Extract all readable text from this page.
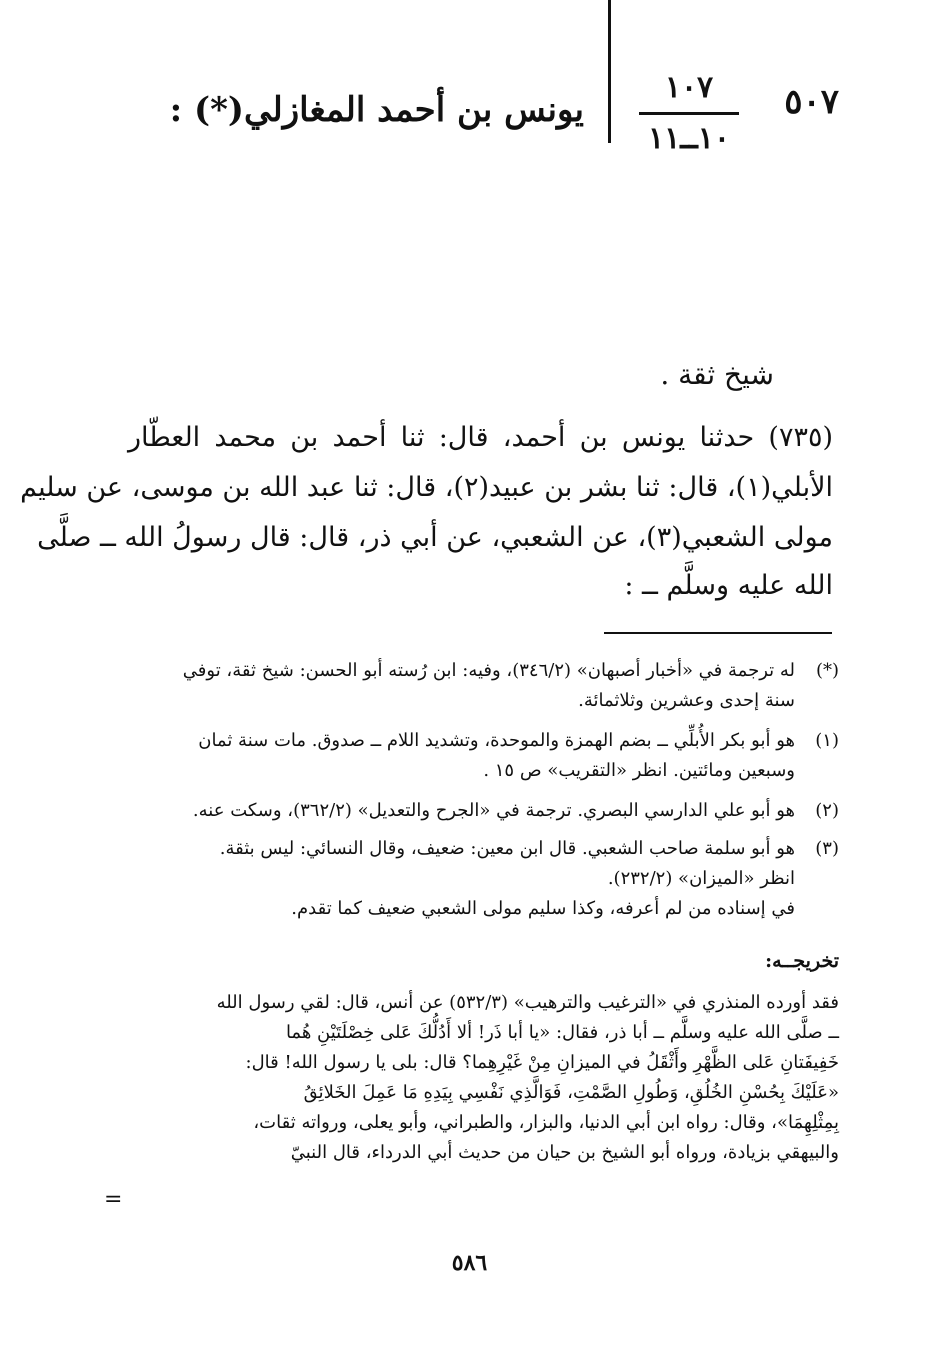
٥٠٧
١٠٧
١٠ــ١١
يونس بن أحمد المغازلي(*) :
شيخ ثقة .
(٧٣٥) حدثنا يونس بن أحمد، قال: ثنا أحمد بن محمد العطّار
الأبلي(١)، قال: ثنا بشر بن عبيد(٢)، قال: ثنا عبد الله بن موسى، عن سليم
مولى الشعبي(٣)، عن الشعبي، عن أبي ذر، قال: قال رسولُ الله ــ صلَّى
الله عليه وسلَّم ــ :
(*)
له ترجمة في «أخبار أصبهان» (٣٤٦/٢)، وفيه: ابن رُسته أبو الحسن: شيخ ثقة، توفي
سنة إحدى وعشرين وثلاثمائة.
(١)
هو أبو بكر الأُبلِّي ــ بضم الهمزة والموحدة، وتشديد اللام ــ صدوق. مات سنة ثمان
وسبعين ومائتين. انظر «التقريب» ص ١٥ .
(٢)
هو أبو علي الدارسي البصري. ترجمة في «الجرح والتعديل» (٣٦٢/٢)، وسكت عنه.
(٣)
هو أبو سلمة صاحب الشعبي. قال ابن معين: ضعيف، وقال النسائي: ليس بثقة.
انظر «الميزان» (٢٣٢/٢).
في إسناده من لم أعرفه، وكذا سليم مولى الشعبي ضعيف كما تقدم.
تخريجــه:
فقد أورده المنذري في «الترغيب والترهيب» (٥٣٢/٣) عن أنس، قال: لقي رسول الله
ــ صلَّى الله عليه وسلَّم ــ أبا ذر، فقال: «يا أبا ذَر! ألا أَدُلُّكَ عَلى خِصْلَتَيْنِ هُما
خَفِيفَتانِ عَلى الظَّهْرِ وأَثْقَلُ في الميزانِ مِنْ غَيْرِهِما؟ قال: بلى يا رسول الله! قال:
«عَلَيْكَ بِحُسْنِ الخُلُقِ، وَطُولِ الصَّمْتِ، فَوَالَّذِي نَفْسِي بِيَدِهِ مَا عَمِلَ الخَلائِقُ
بِمِثْلِهِمَا»، وقال: رواه ابن أبي الدنيا، والبزار، والطبراني، وأبو يعلى، ورواته ثقات،
والبيهقي بزيادة، ورواه أبو الشيخ بن حيان من حديث أبي الدرداء، قال النبيّ
=
٥٨٦
